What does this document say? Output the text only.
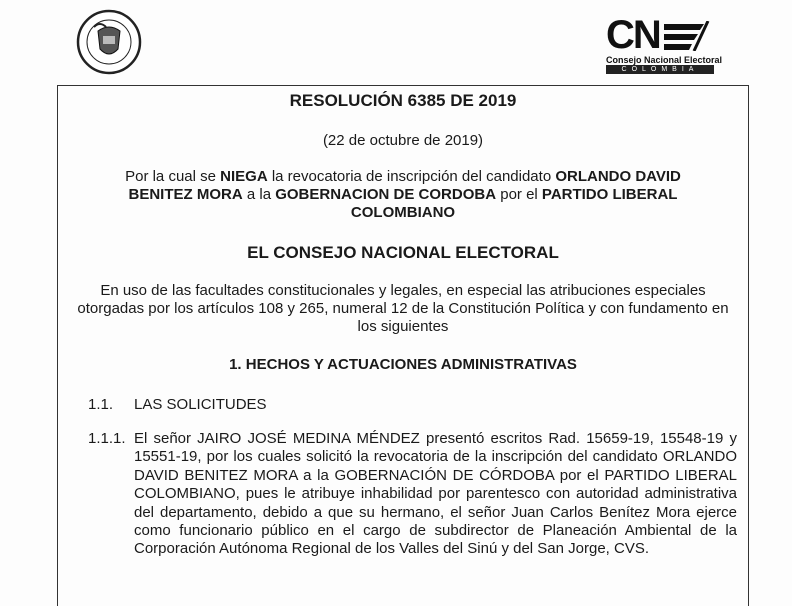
CN
Consejo Nacional Electoral
COLOMBIA
RESOLUCIÓN 6385 DE 2019
(22 de octubre de 2019)
Por la cual se NIEGA la revocatoria de inscripción del candidato ORLANDO DAVID BENITEZ MORA a la GOBERNACION DE CORDOBA por el PARTIDO LIBERAL COLOMBIANO
EL CONSEJO NACIONAL ELECTORAL
En uso de las facultades constitucionales y legales, en especial las atribuciones especiales otorgadas por los artículos 108 y 265, numeral 12 de la Constitución Política y con fundamento en los siguientes
1. HECHOS Y ACTUACIONES ADMINISTRATIVAS
1.1. LAS SOLICITUDES
1.1.1. El señor JAIRO JOSÉ MEDINA MÉNDEZ presentó escritos Rad. 15659-19, 15548-19 y 15551-19, por los cuales solicitó la revocatoria de la inscripción del candidato ORLANDO DAVID BENITEZ MORA a la GOBERNACIÓN DE CÓRDOBA por el PARTIDO LIBERAL COLOMBIANO, pues le atribuye inhabilidad por parentesco con autoridad administrativa del departamento, debido a que su hermano, el señor Juan Carlos Benítez Mora ejerce como funcionario público en el cargo de subdirector de Planeación Ambiental de la Corporación Autónoma Regional de los Valles del Sinú y del San Jorge, CVS.
